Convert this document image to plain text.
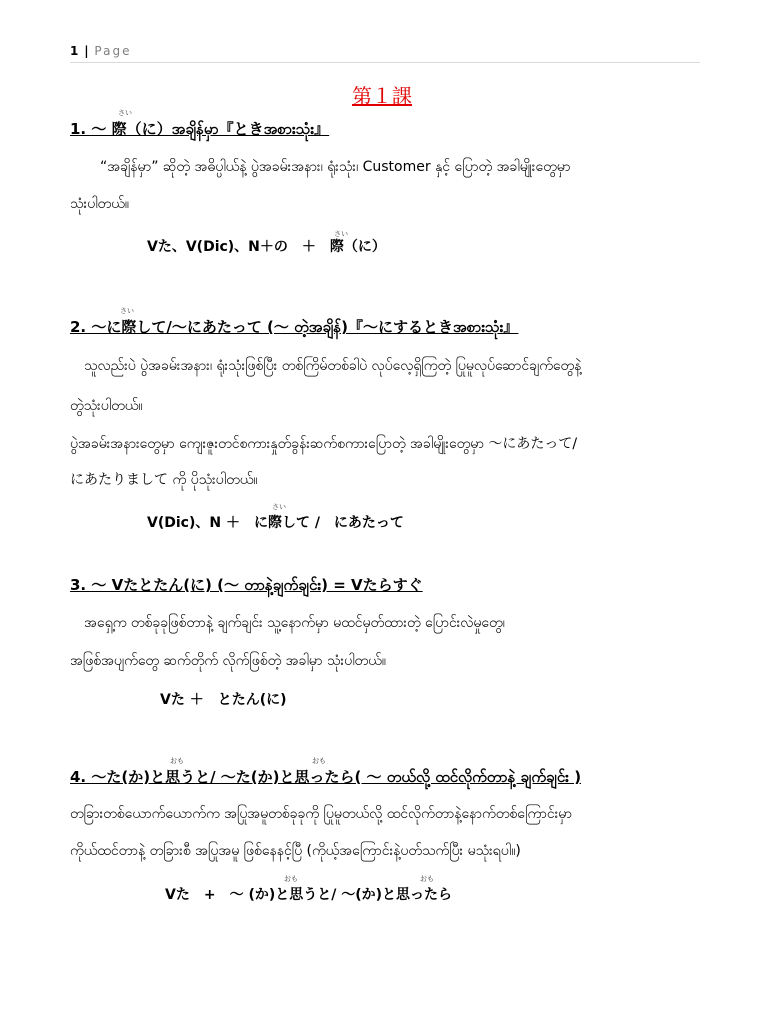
1 | Page
第１課
さい
1. 〜 際（に）အချိန်မှာ『ときအစားသုံး』
“အချိန်မှာ” ဆိုတဲ့ အဓိပ္ပါယ်နဲ့ ပွဲအခမ်းအနား၊ ရုံးသုံး၊ Customer နှင့် ပြောတဲ့ အခါမျိုးတွေမှာ
သုံးပါတယ်။
さい
Vた、V(Dic)、N＋の　＋　際（に）
さい
2. 〜に際して/〜にあたって (〜 တဲ့အချိန်)『〜にするときအစားသုံး』
သူလည်းပဲ ပွဲအခမ်းအနား၊ ရုံးသုံးဖြစ်ပြီး တစ်ကြိမ်တစ်ခါပဲ လုပ်လေ့ရှိကြတဲ့ ပြုမူလုပ်ဆောင်ချက်တွေနဲ့
တွဲသုံးပါတယ်။
ပွဲအခမ်းအနားတွေမှာ ကျေးဇူးတင်စကားနှုတ်ခွန်းဆက်စကားပြောတဲ့ အခါမျိုးတွေမှာ 〜にあたって/
にあたりまして ကို ပိုသုံးပါတယ်။
さい
V(Dic)、N ＋　に際して /　にあたって
3. 〜 Vたとたん(に) (〜 တာနဲ့ချက်ချင်း) = Vたらすぐ
အရှေ့က တစ်ခုခုဖြစ်တာနဲ့ ချက်ချင်း သူ့နောက်မှာ မထင်မှတ်ထားတဲ့ ပြောင်းလဲမှုတွေ၊
အဖြစ်အပျက်တွေ ဆက်တိုက် လိုက်ဖြစ်တဲ့ အခါမှာ သုံးပါတယ်။
Vた ＋　とたん(に)
おも	おも
4. 〜た(か)と思うと/ 〜た(か)と思ったら( 〜 တယ်လို့ ထင်လိုက်တာနဲ့ ချက်ချင်း )
တခြားတစ်ယောက်ယောက်က အပြုအမူတစ်ခုခုကို ပြုမူတယ်လို့ ထင်လိုက်တာနဲ့နောက်တစ်ကြောင်းမှာ
ကိုယ်ထင်တာနဲ့ တခြားစီ အပြုအမူ ဖြစ်နေနင့်ပြီ (ကိုယ့်အကြောင်းနဲ့ပတ်သက်ပြီး မသုံးရပါ။)
おも	おも
Vた　+　〜 (か)と思うと/ 〜(か)と思ったら
